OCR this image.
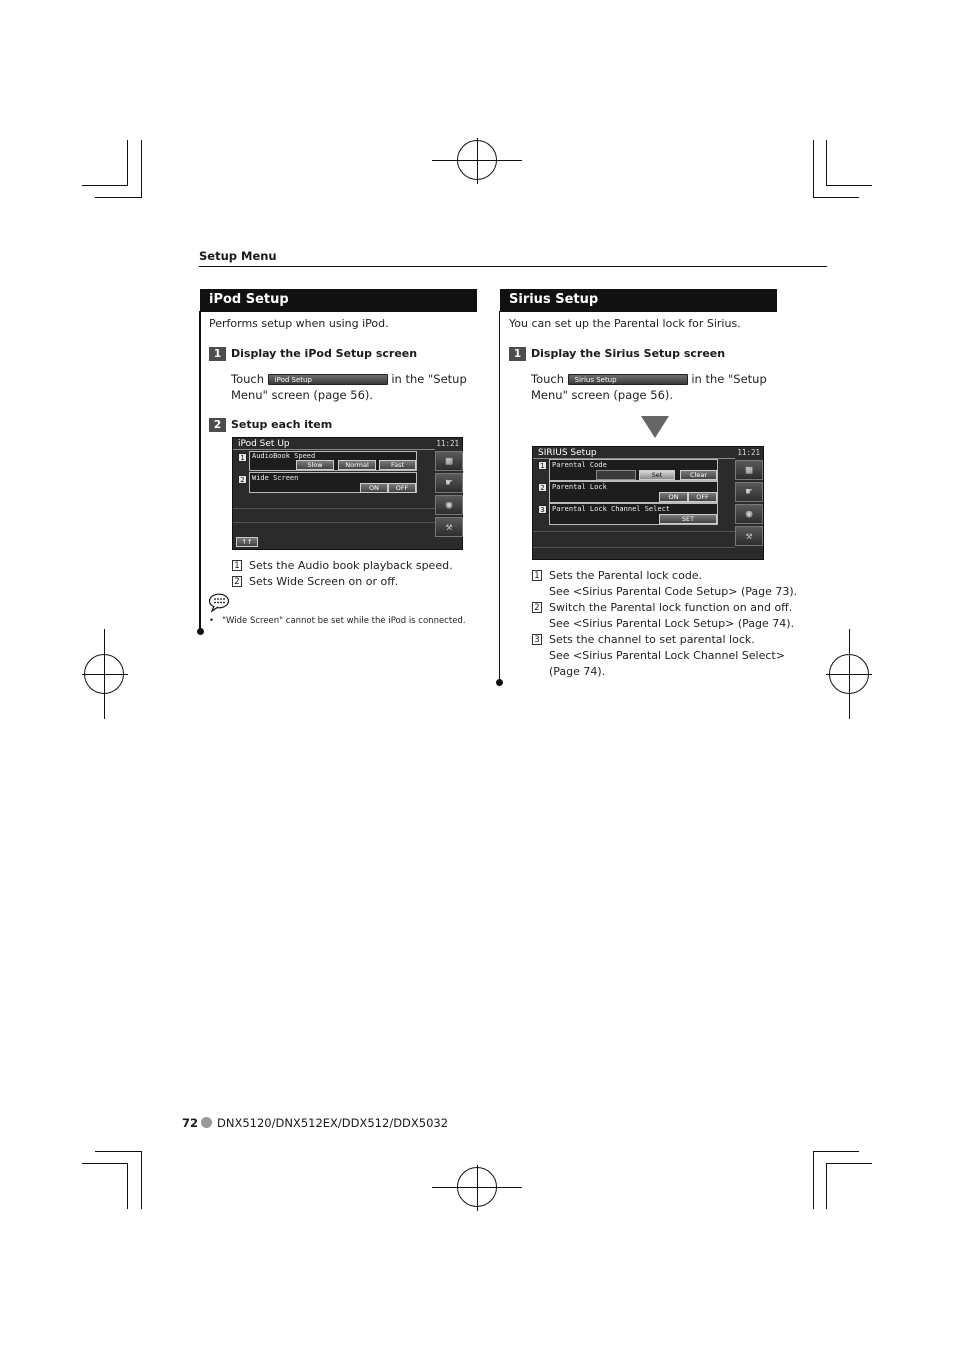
Setup Menu
iPod Setup
Performs setup when using iPod.
1 Display the iPod Setup screen
Touch iPod Setup	in the "Setup
Menu" screen (page 56).
2 Setup each item
iPod Set Up	11:21
1	AudioBook Speed
Slow	Normal	Fast
2	Wide Screen
ON	OFF
↑↑
▦
☛
◉
⚒
1 Sets the Audio book playback speed.
2 Sets Wide Screen on or off.
•   "Wide Screen" cannot be set while the iPod is connected.
Sirius Setup
You can set up the Parental lock for Sirius.
1 Display the Sirius Setup screen
Touch Sirius Setup	in the "Setup
Menu" screen (page 56).
SIRIUS Setup	11:21
1	Parental Code
Set	Clear
2	Parental Lock
ON	OFF
3	Parental Lock Channel Select
SET
▦
☛
◉
⚒
1 Sets the Parental lock code.
See <Sirius Parental Code Setup> (Page 73).
2 Switch the Parental lock function on and off.
See <Sirius Parental Lock Setup> (Page 74).
3 Sets the channel to set parental lock.
See <Sirius Parental Lock Channel Select>
(Page 74).
72 DNX5120/DNX512EX/DDX512/DDX5032
